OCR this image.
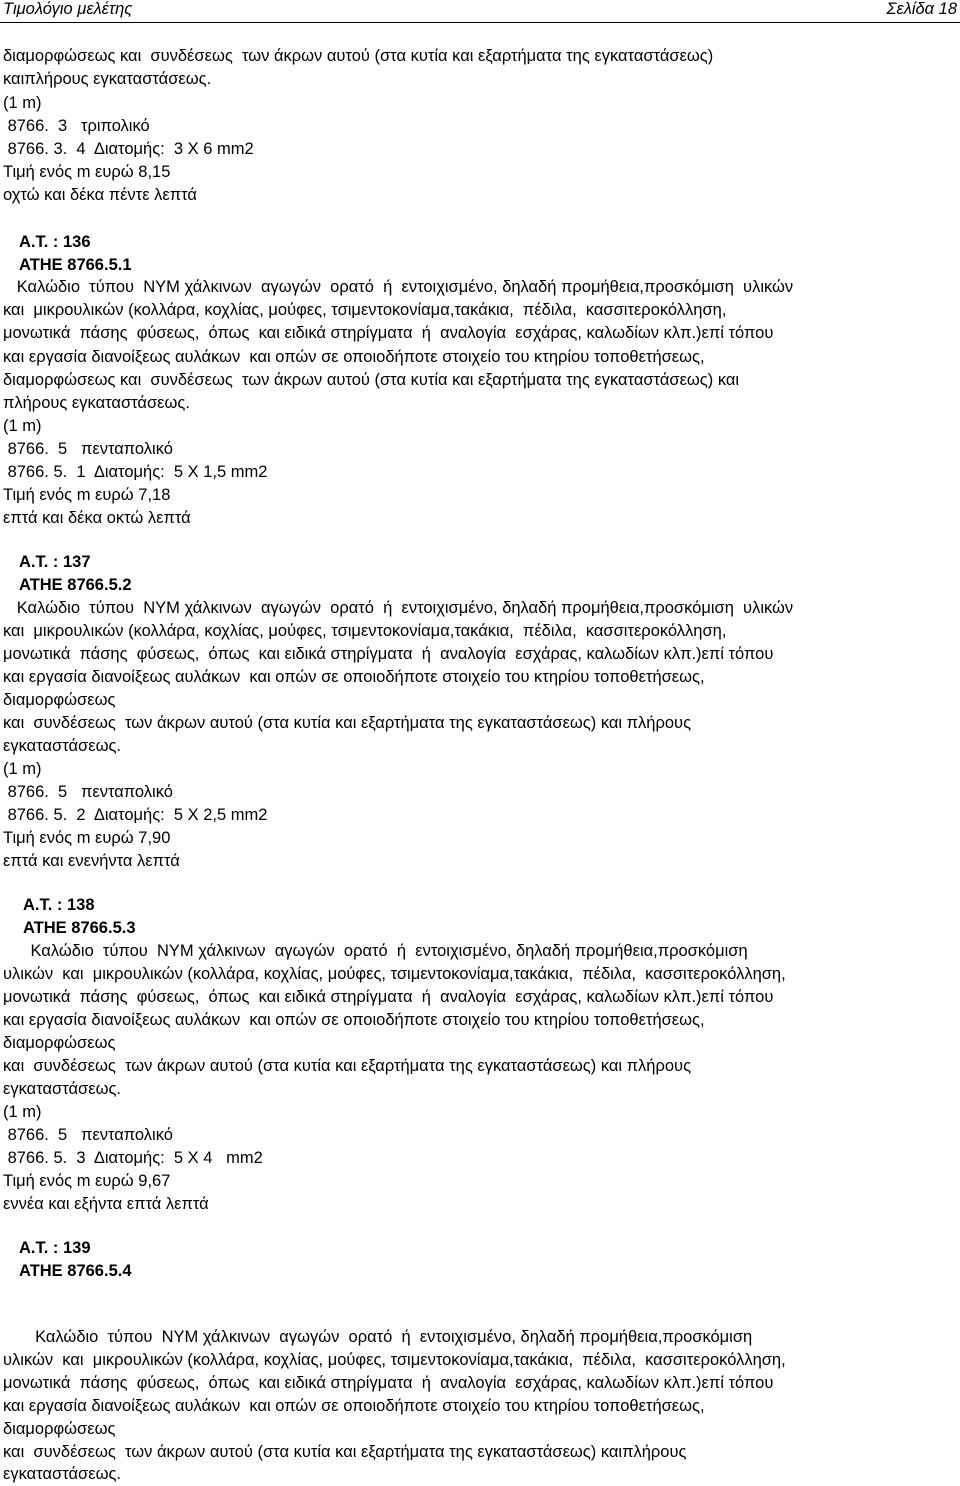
Τιμολόγιο μελέτης	Σελίδα 18
διαμορφώσεως και  συνδέσεως  των άκρων αυτού (στα κυτία και εξαρτήματα της εγκαταστάσεως)
καιπλήρους εγκαταστάσεως.
(1 m)
8766.  3   τριπολικό
8766. 3.  4  Διατομής:  3 X 6 mm2
Τιμή ενός m ευρώ 8,15
οχτώ και δέκα πέντε λεπτά
A.T. : 136
ATHE 8766.5.1
Καλώδιο  τύπου  NYM χάλκινων  αγωγών  ορατό  ή  εντοιχισμένο, δηλαδή προμήθεια,προσκόμιση  υλικών
και  μικρουλικών (κολλάρα, κοχλίας, μούφες, τσιμεντοκονίαμα,τακάκια,  πέδιλα,  κασσιτεροκόλληση,
μονωτικά  πάσης  φύσεως,  όπως  και ειδικά στηρίγματα  ή  αναλογία  εσχάρας, καλωδίων κλπ.)επί τόπου
και εργασία διανοίξεως αυλάκων  και οπών σε οποιοδήποτε στοιχείο του κτηρίου τοποθετήσεως,
διαμορφώσεως και  συνδέσεως  των άκρων αυτού (στα κυτία και εξαρτήματα της εγκαταστάσεως) και
πλήρους εγκαταστάσεως.
(1 m)
8766.  5   πενταπολικό
8766. 5.  1  Διατομής:  5 X 1,5 mm2
Τιμή ενός m ευρώ 7,18
επτά και δέκα οκτώ λεπτά
A.T. : 137
ATHE 8766.5.2
Καλώδιο  τύπου  NYM χάλκινων  αγωγών  ορατό  ή  εντοιχισμένο, δηλαδή προμήθεια,προσκόμιση  υλικών
και  μικρουλικών (κολλάρα, κοχλίας, μούφες, τσιμεντοκονίαμα,τακάκια,  πέδιλα,  κασσιτεροκόλληση,
μονωτικά  πάσης  φύσεως,  όπως  και ειδικά στηρίγματα  ή  αναλογία  εσχάρας, καλωδίων κλπ.)επί τόπου
και εργασία διανοίξεως αυλάκων  και οπών σε οποιοδήποτε στοιχείο του κτηρίου τοποθετήσεως,
διαμορφώσεως
και  συνδέσεως  των άκρων αυτού (στα κυτία και εξαρτήματα της εγκαταστάσεως) και πλήρους
εγκαταστάσεως.
(1 m)
8766.  5   πενταπολικό
8766. 5.  2  Διατομής:  5 X 2,5 mm2
Τιμή ενός m ευρώ 7,90
επτά και ενενήντα λεπτά
A.T. : 138
ATHE 8766.5.3
Καλώδιο  τύπου  NYM χάλκινων  αγωγών  ορατό  ή  εντοιχισμένο, δηλαδή προμήθεια,προσκόμιση
υλικών  και  μικρουλικών (κολλάρα, κοχλίας, μούφες, τσιμεντοκονίαμα,τακάκια,  πέδιλα,  κασσιτεροκόλληση,
μονωτικά  πάσης  φύσεως,  όπως  και ειδικά στηρίγματα  ή  αναλογία  εσχάρας, καλωδίων κλπ.)επί τόπου
και εργασία διανοίξεως αυλάκων  και οπών σε οποιοδήποτε στοιχείο του κτηρίου τοποθετήσεως,
διαμορφώσεως
και  συνδέσεως  των άκρων αυτού (στα κυτία και εξαρτήματα της εγκαταστάσεως) και πλήρους
εγκαταστάσεως.
(1 m)
8766.  5   πενταπολικό
8766. 5.  3  Διατομής:  5 X 4   mm2
Τιμή ενός m ευρώ 9,67
εννέα και εξήντα επτά λεπτά
A.T. : 139
ATHE 8766.5.4
Καλώδιο  τύπου  NYM χάλκινων  αγωγών  ορατό  ή  εντοιχισμένο, δηλαδή προμήθεια,προσκόμιση
υλικών  και  μικρουλικών (κολλάρα, κοχλίας, μούφες, τσιμεντοκονίαμα,τακάκια,  πέδιλα,  κασσιτεροκόλληση,
μονωτικά  πάσης  φύσεως,  όπως  και ειδικά στηρίγματα  ή  αναλογία  εσχάρας, καλωδίων κλπ.)επί τόπου
και εργασία διανοίξεως αυλάκων  και οπών σε οποιοδήποτε στοιχείο του κτηρίου τοποθετήσεως,
διαμορφώσεως
και  συνδέσεως  των άκρων αυτού (στα κυτία και εξαρτήματα της εγκαταστάσεως) καιπλήρους
εγκαταστάσεως.
